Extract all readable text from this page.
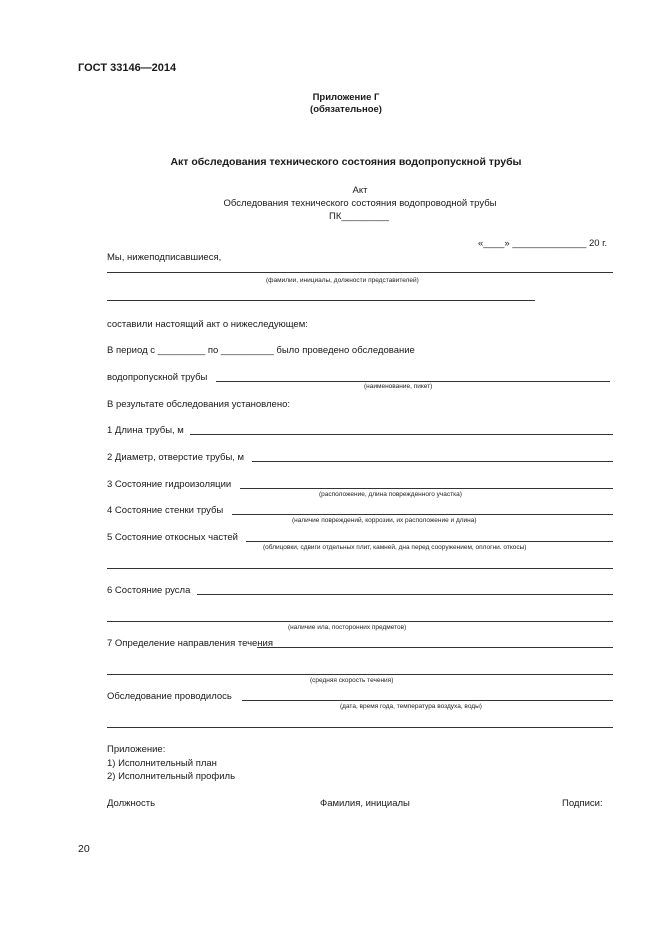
ГОСТ 33146—2014
Приложение Г
(обязательное)
Акт обследования технического состояния водопропускной трубы
Акт
Обследования технического состояния водопроводной трубы
ПК_________
«____» ______________ 20 г.
Мы, нижеподписавшиеся,
(фамилии, инициалы, должности представителей)
составили настоящий акт о нижеследующем:
В период с _________ по __________ было проведено обследование
водопропускной трубы
(наименование, пикет)
В результате обследования установлено:
1 Длина трубы, м
2 Диаметр, отверстие трубы, м
3 Состояние гидроизоляции
(расположение, длина поврежденного участка)
4 Состояние стенки трубы
(наличие повреждений, коррозии, их расположение и длина)
5 Состояние откосных частей
(облицовки, сдвиги отдельных плит, камней, дна перед сооружением, оплогни. откосы)
6 Состояние русла
(наличие ила, посторонних предметов)
7 Определение направления течения
(средняя скорость течения)
Обследование проводилось
(дата, время года, температура воздуха, воды)
Приложение:
1) Исполнительный план
2) Исполнительный профиль
Должность	Фамилия, инициалы	Подписи:
20
